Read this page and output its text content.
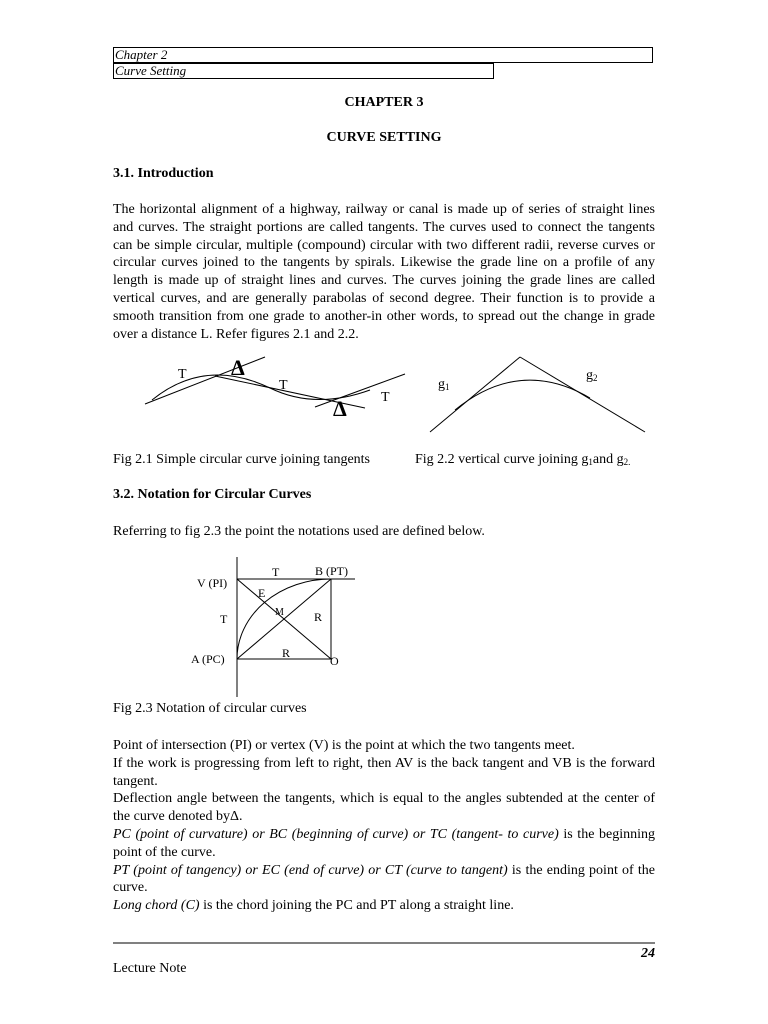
Chapter 2
Curve Setting
CHAPTER 3
CURVE SETTING
3.1. Introduction
The horizontal alignment of a highway, railway or canal is made up of series of straight lines and curves. The straight portions are called tangents. The curves used to connect the tangents can be simple circular, multiple (compound) circular with two different radii, reverse curves or circular curves joined to the tangents by spirals. Likewise the grade line on a profile of any length is made up of straight lines and curves. The curves joining the grade lines are called vertical curves, and are generally parabolas of second degree. Their function is to provide a smooth transition from one grade to another-in other words, to spread out the change in grade over a distance L. Refer figures 2.1 and 2.2.
T Δ
T
Δ T
g1
g2
Fig 2.1 Simple circular curve joining tangents	Fig 2.2 vertical curve joining $g_1and$ $g_{2.}$
3.2. Notation for Circular Curves
Referring to fig 2.3 the point the notations used are defined below.
V (PI)
T	B (PT)
E
M
T	R
A (PC)	R
O
Fig 2.3 Notation of circular curves

Point of intersection (PI) or vertex (V) is the point at which the two tangents meet.

If the work is progressing from left to right, then AV is the back tangent and VB is the forward tangent.

Deflection angle between the tangents, which is equal to the angles subtended at the center of the curve denoted byΔ.

PC (point of curvature) or BC (beginning of curve) or TC (tangent- to curve) is the beginning point of the curve.

PT (point of tangency) or EC (end of curve) or CT (curve to tangent) is the ending point of the curve.

Long chord (C) is the chord joining the PC and PT along a straight line.

24
Lecture Note
